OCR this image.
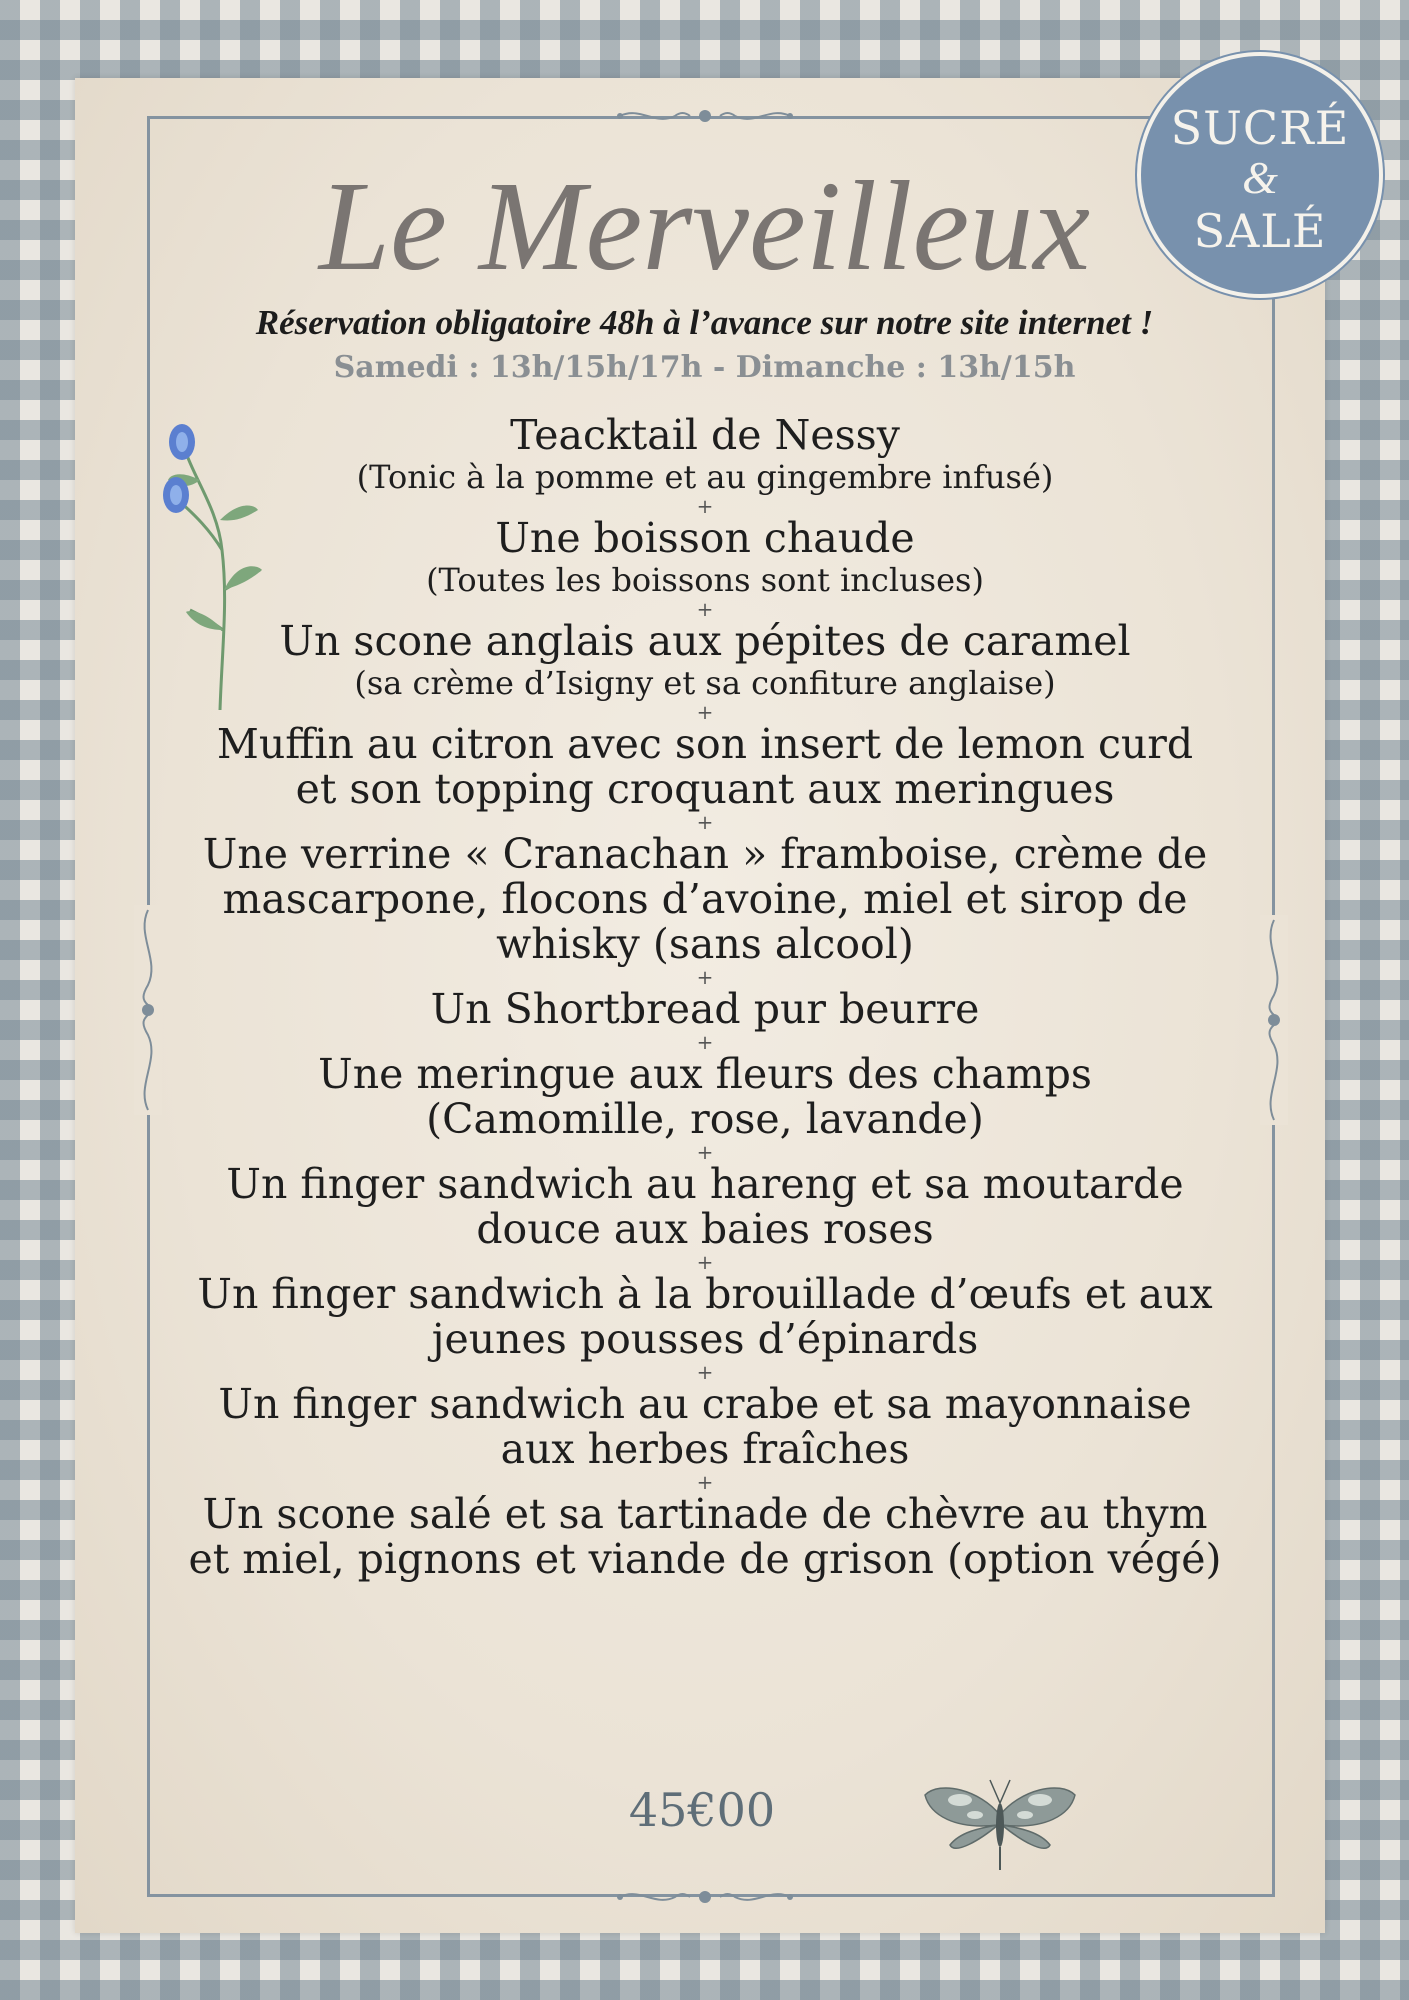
SUCRÉ
&
SALÉ
Le Merveilleux
Réservation obligatoire 48h à l’avance sur notre site internet !
Samedi : 13h/15h/17h - Dimanche : 13h/15h
Teacktail de Nessy
(Tonic à la pomme et au gingembre infusé)
+
Une boisson chaude
(Toutes les boissons sont incluses)
+
Un scone anglais aux pépites de caramel
(sa crème d’Isigny et sa confiture anglaise)
+
Muffin au citron avec son insert de lemon curd
et son topping croquant aux meringues
+
Une verrine « Cranachan » framboise, crème de
mascarpone, flocons d’avoine, miel et sirop de
whisky (sans alcool)
+
Un Shortbread pur beurre
+
Une meringue aux fleurs des champs
(Camomille, rose, lavande)
+
Un finger sandwich au hareng et sa moutarde
douce aux baies roses
+
Un finger sandwich à la brouillade d’œufs et aux
jeunes pousses d’épinards
+
Un finger sandwich au crabe et sa mayonnaise
aux herbes fraîches
+
Un scone salé et sa tartinade de chèvre au thym
et miel, pignons et viande de grison (option végé)
45€00
